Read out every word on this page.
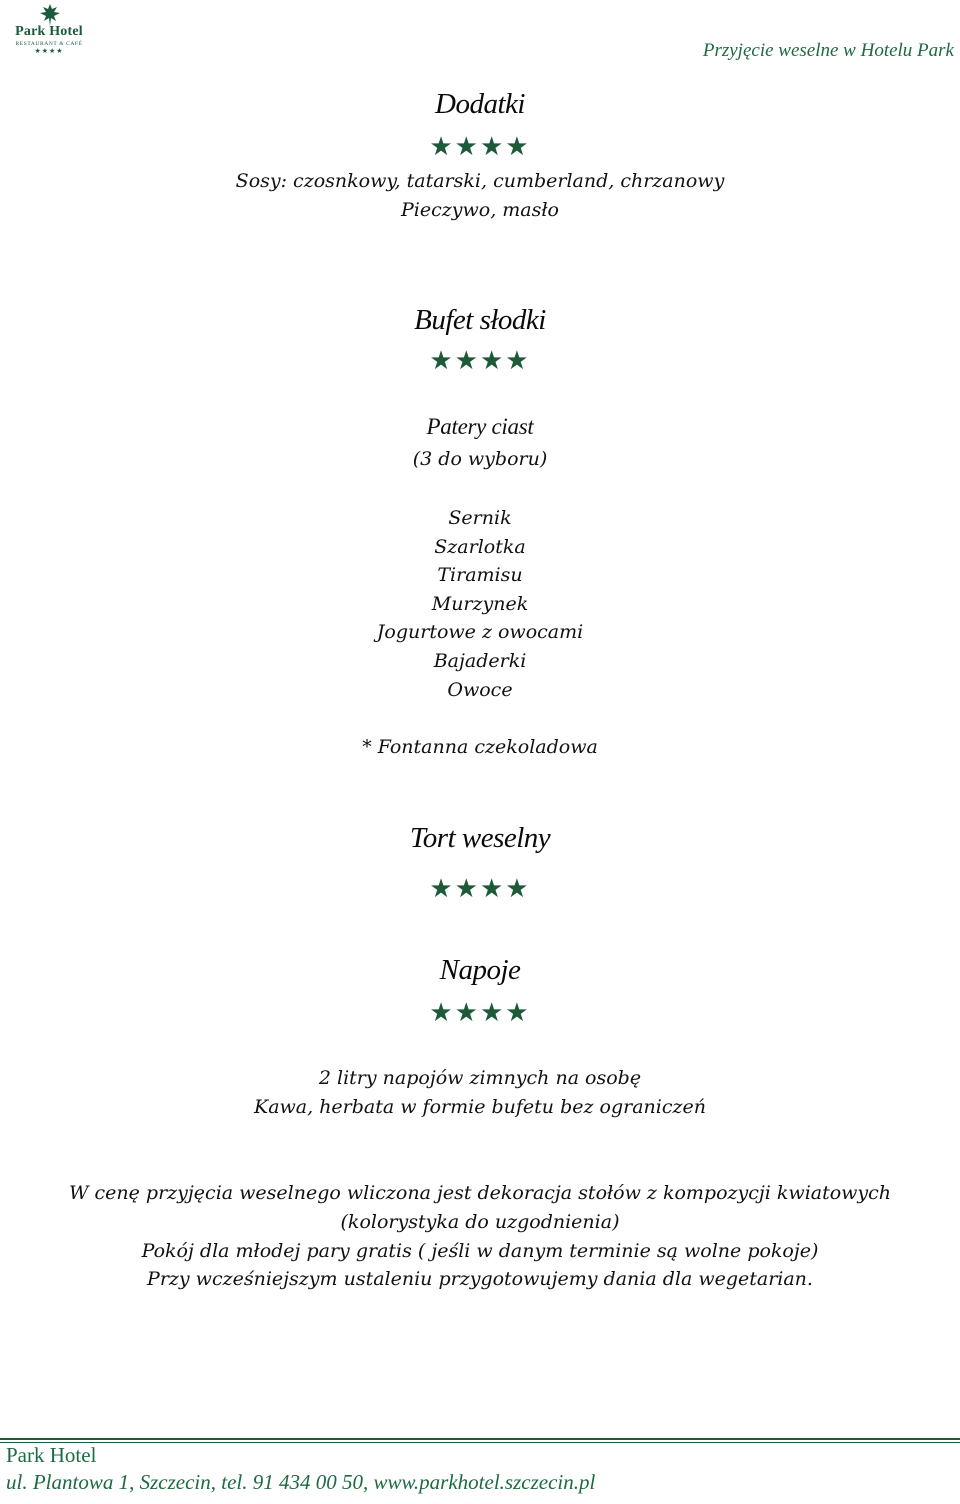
Park Hotel
RESTAURANT & CAFÉ
★★★★	Przyjęcie weselne w Hotelu Park
Dodatki
★★★★
Sosy: czosnkowy, tatarski, cumberland, chrzanowy
Pieczywo, masło
Bufet słodki
★★★★
Patery ciast
(3 do wyboru)
Sernik
Szarlotka
Tiramisu
Murzynek
Jogurtowe z owocami
Bajaderki
Owoce
* Fontanna czekoladowa
Tort weselny
★★★★
Napoje
★★★★
2 litry napojów zimnych na osobę
Kawa, herbata w formie bufetu bez ograniczeń
W cenę przyjęcia weselnego wliczona jest dekoracja stołów z kompozycji kwiatowych
(kolorystyka do uzgodnienia)
Pokój dla młodej pary gratis ( jeśli w danym terminie są wolne pokoje)
Przy wcześniejszym ustaleniu przygotowujemy dania dla wegetarian.
Park Hotel
ul. Plantowa 1, Szczecin, tel. 91 434 00 50, www.parkhotel.szczecin.pl
